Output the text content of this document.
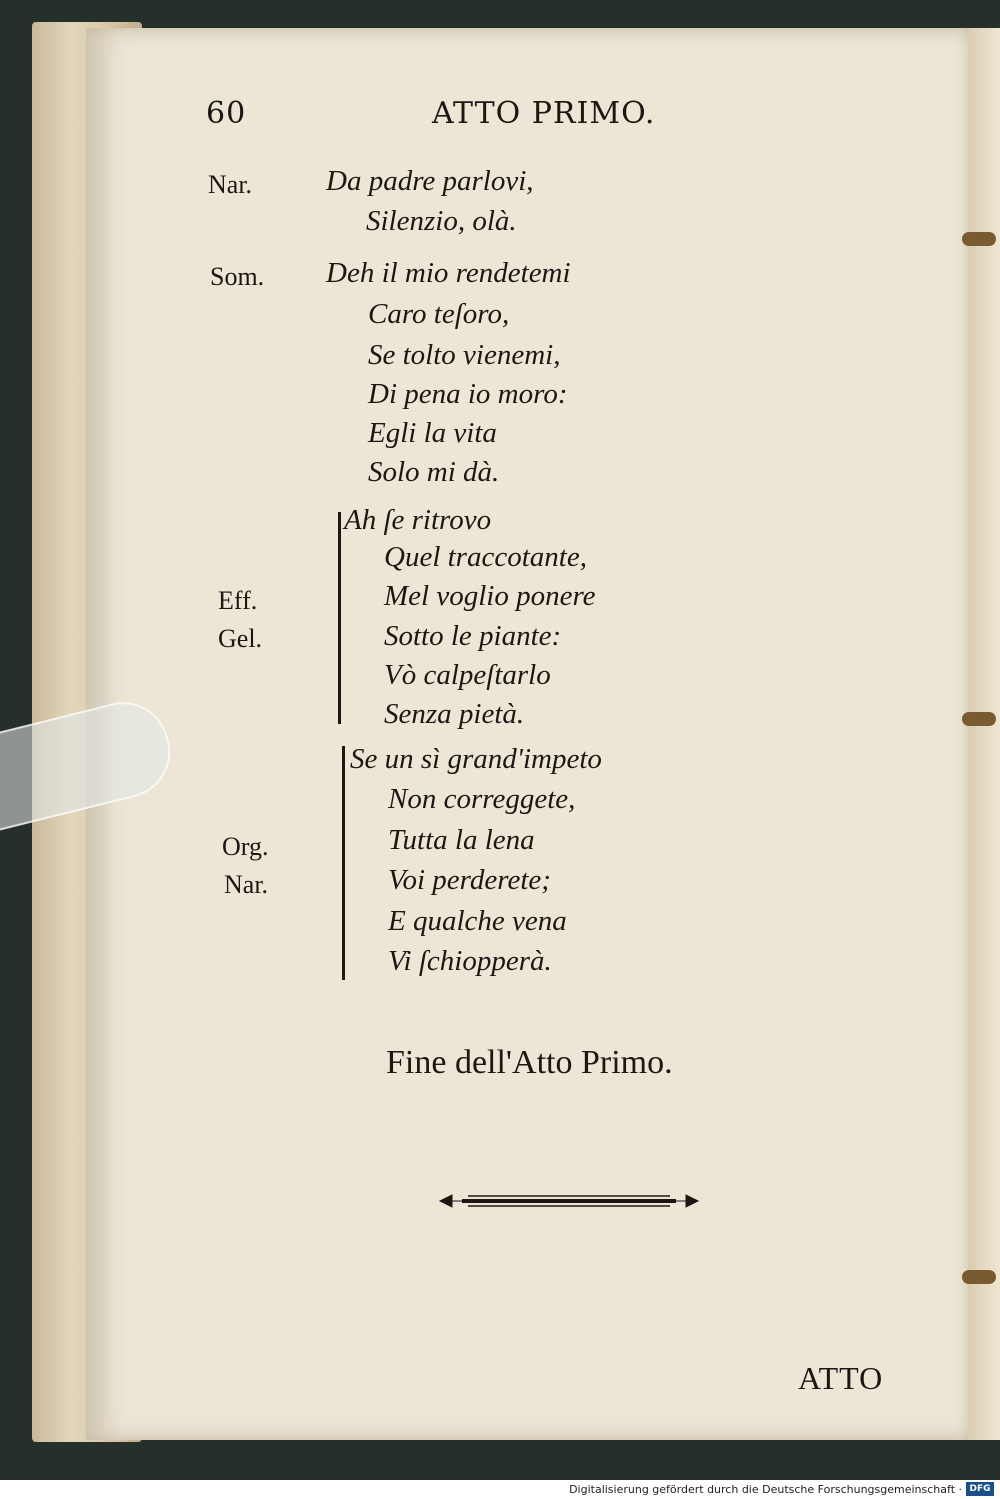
60	ATTO PRIMO.
Nar.	Da padre parlovi,
Silenzio, olà.
Som. Deh il mio rendetemi
Caro teſoro,
Se tolto vienemi,
Di pena io moro:
Egli la vita
Solo mi dà.
Eff.
Gel.
Ah ſe ritrovo
Quel traccotante,
Mel voglio ponere
Sotto le piante:
Vò calpeſtarlo
Senza pietà.
Org.
Nar.
Se un sì grand'impeto
Non correggete,
Tutta la lena
Voi perderete;
E qualche vena
Vi ſchiopperà.
Fine dell'Atto Primo.
ATTO
Digitalisierung gefördert durch die Deutsche Forschungsgemeinschaft · DFG
